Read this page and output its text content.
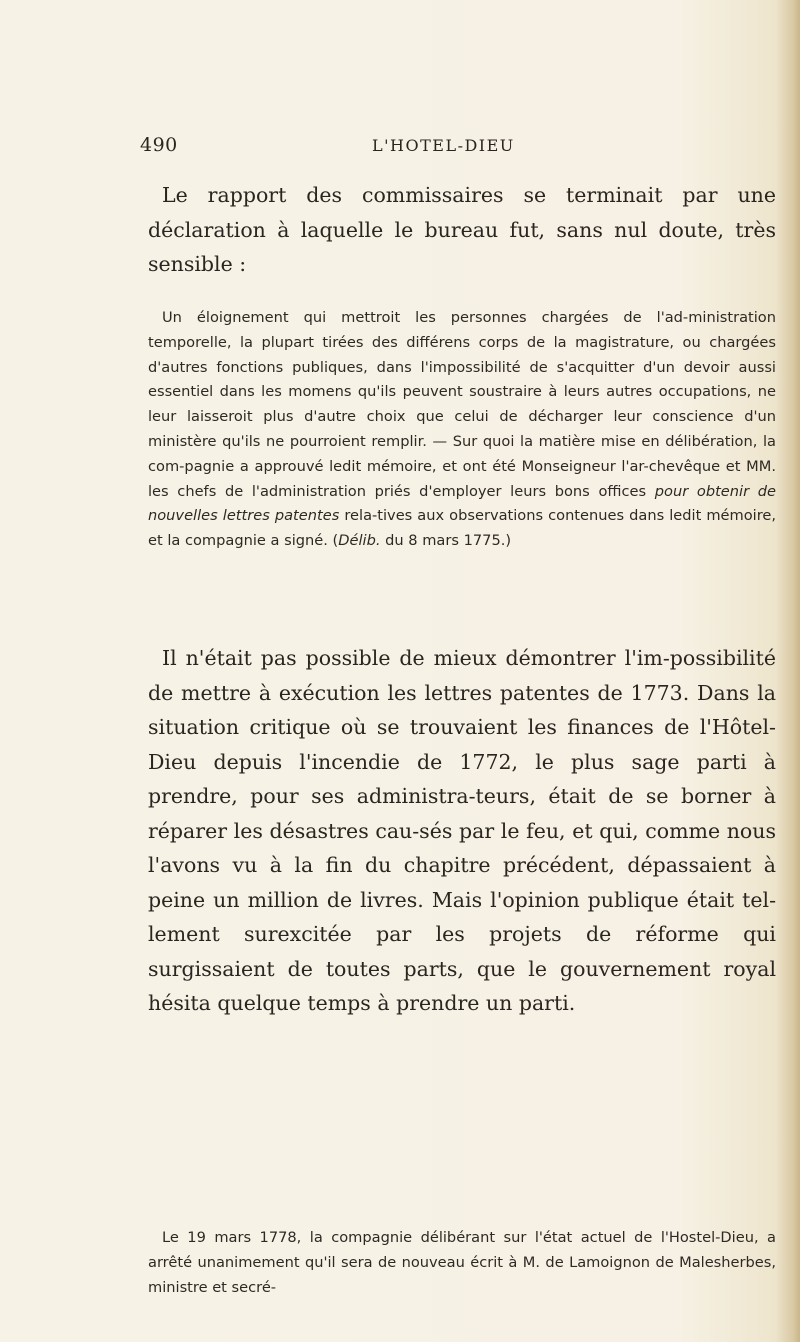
490	L'HOTEL-DIEU

Le rapport des commissaires se terminait par une déclaration à laquelle le bureau fut, sans nul doute, très sensible :

Un éloignement qui mettroit les personnes chargées de l'ad-ministration temporelle, la plupart tirées des différens corps de la magistrature, ou chargées d'autres fonctions publiques, dans l'impossibilité de s'acquitter d'un devoir aussi essentiel dans les momens qu'ils peuvent soustraire à leurs autres occupations, ne leur laisseroit plus d'autre choix que celui de décharger leur conscience d'un ministère qu'ils ne pourroient remplir. — Sur quoi la matière mise en délibération, la com-pagnie a approuvé ledit mémoire, et ont été Monseigneur l'ar-chevêque et MM. les chefs de l'administration priés d'employer leurs bons offices pour obtenir de nouvelles lettres patentes rela-tives aux observations contenues dans ledit mémoire, et la compagnie a signé. (Délib. du 8 mars 1775.)

Il n'était pas possible de mieux démontrer l'im-possibilité de mettre à exécution les lettres patentes de 1773. Dans la situation critique où se trouvaient les finances de l'Hôtel-Dieu depuis l'incendie de 1772, le plus sage parti à prendre, pour ses administra-teurs, était de se borner à réparer les désastres cau-sés par le feu, et qui, comme nous l'avons vu à la fin du chapitre précédent, dépassaient à peine un million de livres. Mais l'opinion publique était tel-lement surexcitée par les projets de réforme qui surgissaient de toutes parts, que le gouvernement royal hésita quelque temps à prendre un parti.

Le 19 mars 1778, la compagnie délibérant sur l'état actuel de l'Hostel-Dieu, a arrêté unanimement qu'il sera de nouveau écrit à M. de Lamoignon de Malesherbes, ministre et secré-
